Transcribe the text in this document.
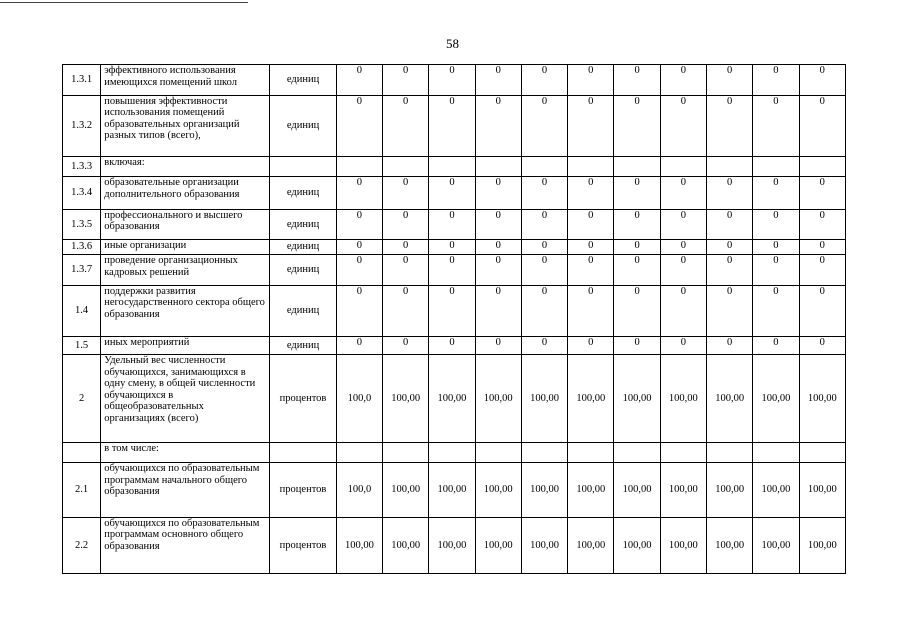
58
1.3.1	эффективного использования имеющихся помещений школ	единиц	0	0	0	0	0	0	0	0	0	0	0
1.3.2	повышения эффективности использования помещений образовательных организаций разных типов (всего),	единиц	0	0	0	0	0	0	0	0	0	0	0
1.3.3	включая:												
1.3.4	образовательные организации дополнительного образования	единиц	0	0	0	0	0	0	0	0	0	0	0
1.3.5	профессионального и высшего образования	единиц	0	0	0	0	0	0	0	0	0	0	0
1.3.6	иные организации	единиц	0	0	0	0	0	0	0	0	0	0	0
1.3.7	проведение организационных кадровых решений	единиц	0	0	0	0	0	0	0	0	0	0	0
1.4	поддержки развития негосударственного сектора общего образования	единиц	0	0	0	0	0	0	0	0	0	0	0
1.5	иных мероприятий	единиц	0	0	0	0	0	0	0	0	0	0	0
2	Удельный вес численности обучающихся, занимающихся в одну смену, в общей численности обучающихся в общеобразовательных организациях (всего)	процентов	100,0	100,00	100,00	100,00	100,00	100,00	100,00	100,00	100,00	100,00	100,00
	в том числе:												
2.1	обучающихся по образовательным программам начального общего образования	процентов	100,0	100,00	100,00	100,00	100,00	100,00	100,00	100,00	100,00	100,00	100,00
2.2	обучающихся по образовательным программам основного общего образования	процентов	100,00	100,00	100,00	100,00	100,00	100,00	100,00	100,00	100,00	100,00	100,00
